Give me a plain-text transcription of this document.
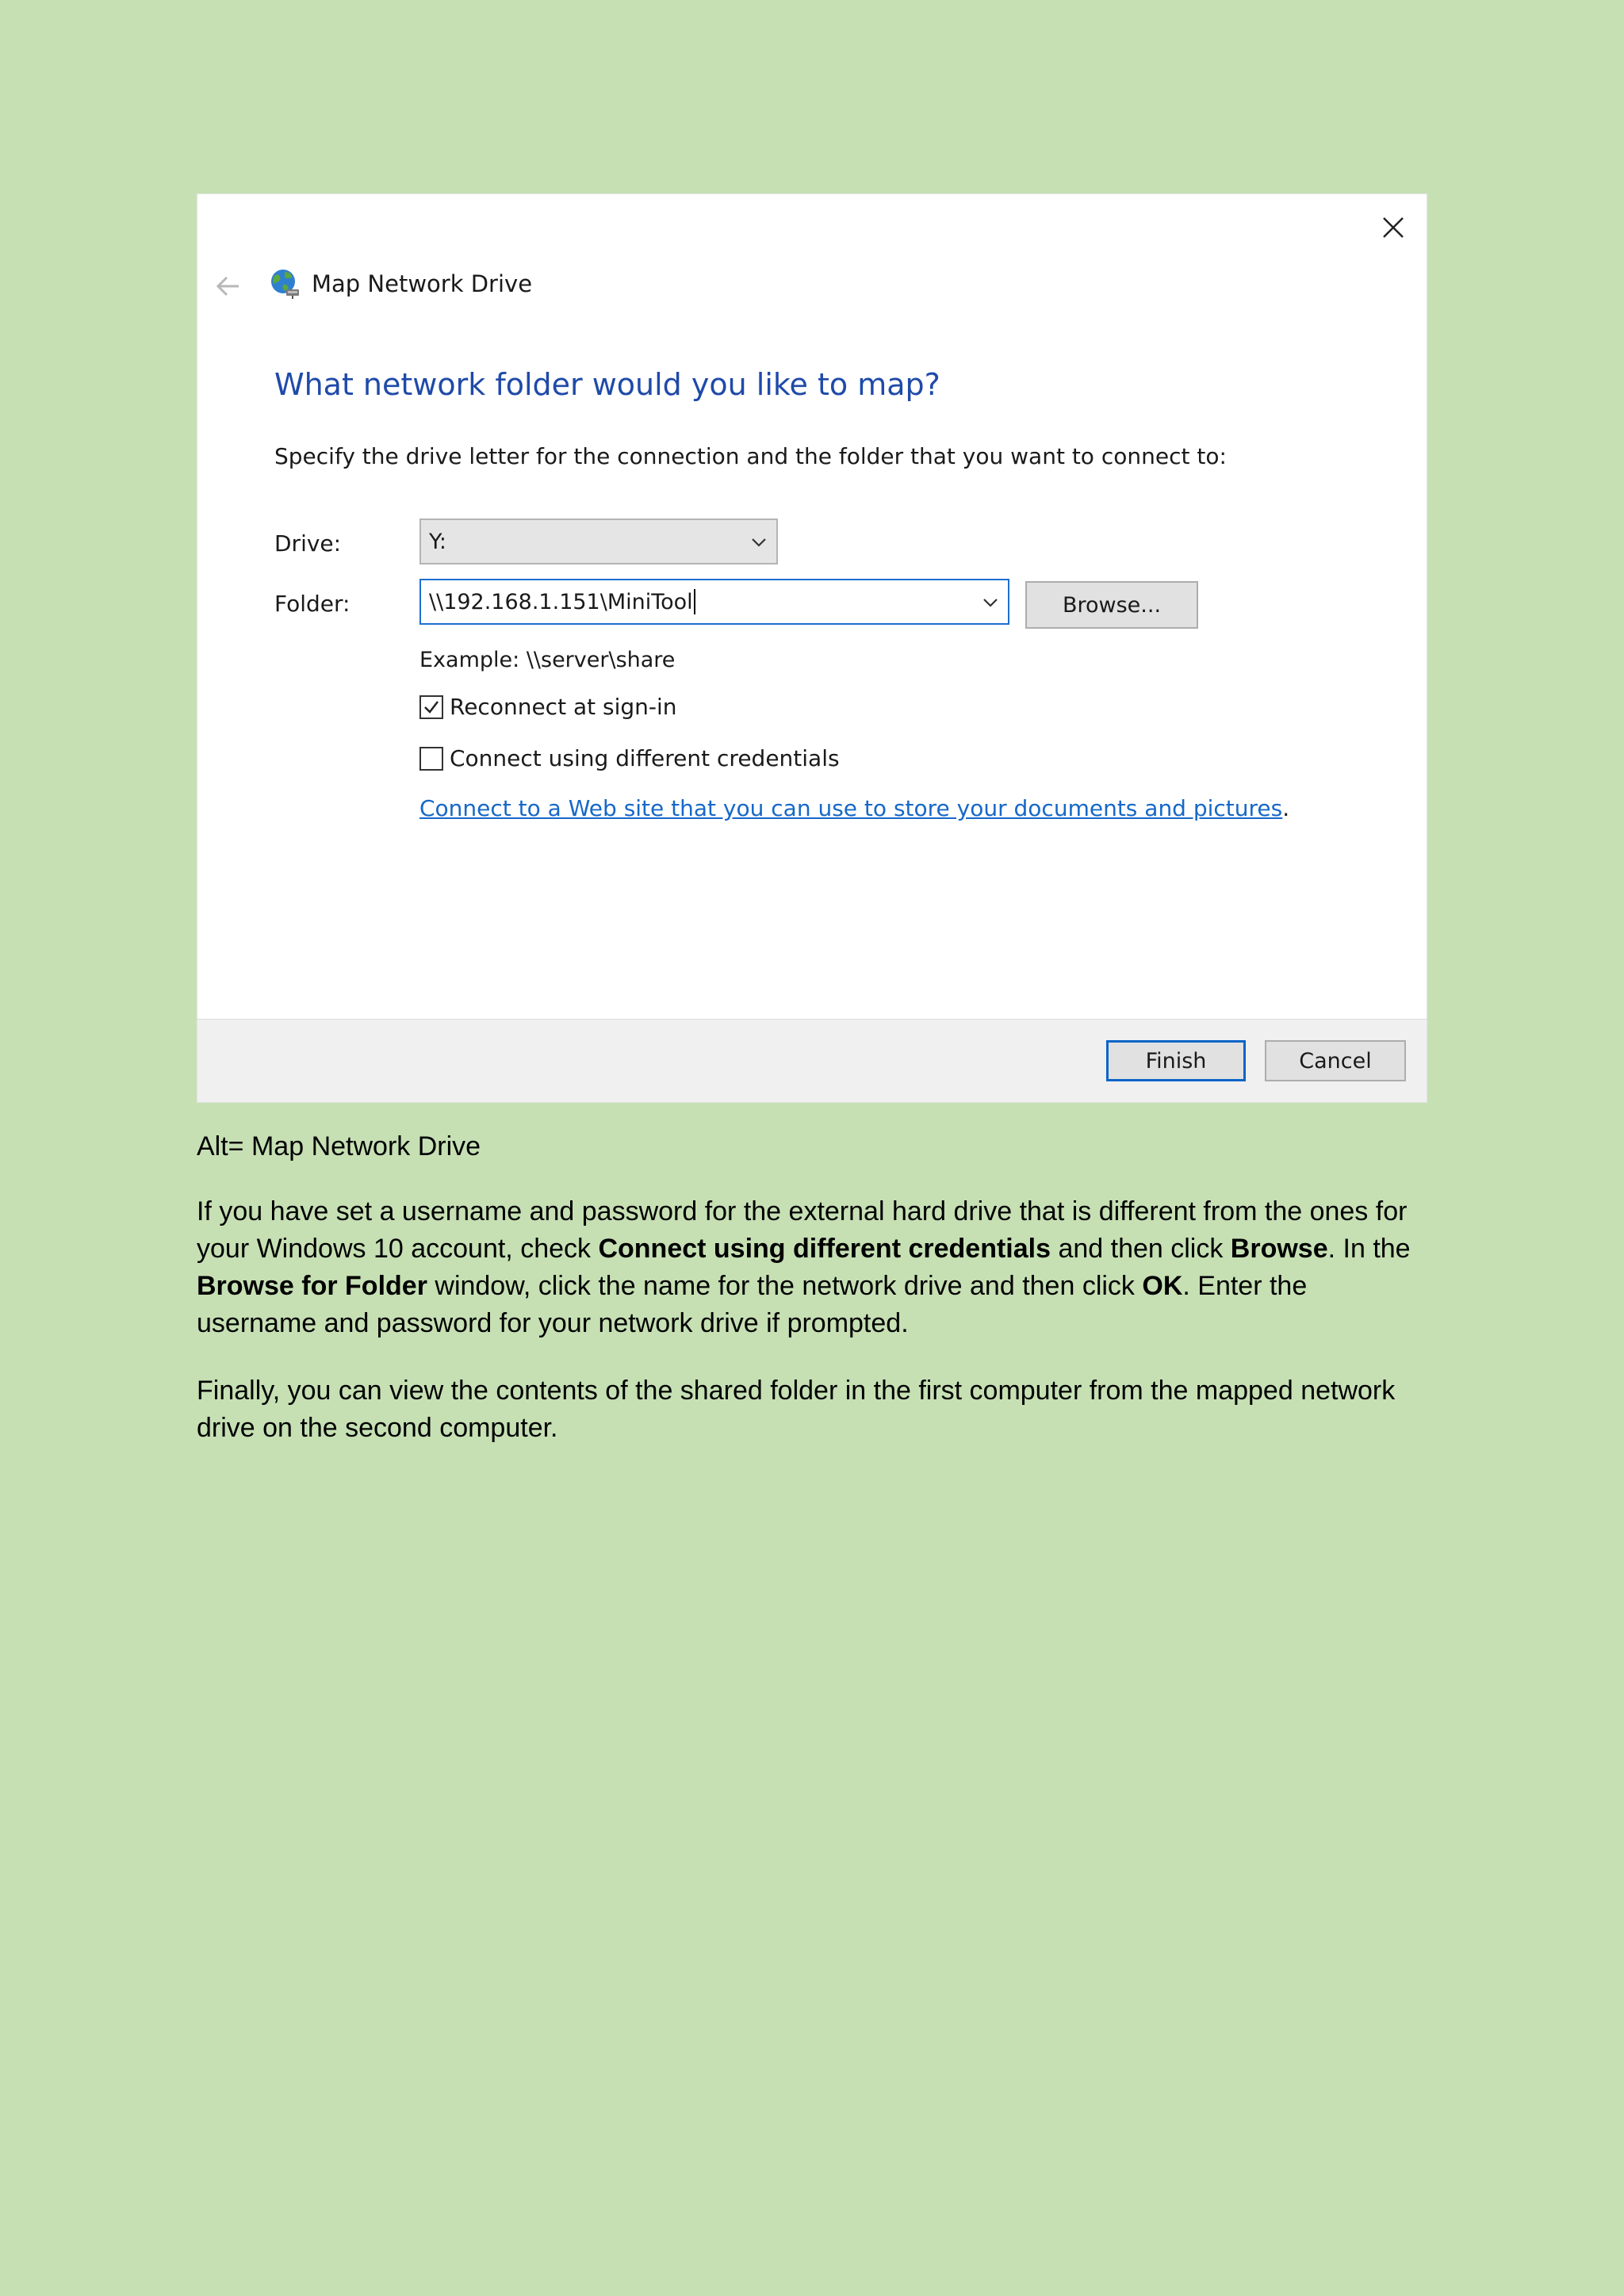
Map Network Drive
What network folder would you like to map?
Specify the drive letter for the connection and the folder that you want to connect to:
Drive:	Y:
Folder:	\\192.168.1.151\MiniTool	Browse...
Example: \\server\share
Reconnect at sign-in
Connect using different credentials
Connect to a Web site that you can use to store your documents and pictures.
Finish	Cancel

Alt= Map Network Drive

If you have set a username and password for the external hard drive that is different from the ones for your Windows 10 account, check Connect using different credentials and then click Browse. In the Browse for Folder window, click the name for the network drive and then click OK. Enter the username and password for your network drive if prompted.

Finally, you can view the contents of the shared folder in the first computer from the mapped network drive on the second computer.
